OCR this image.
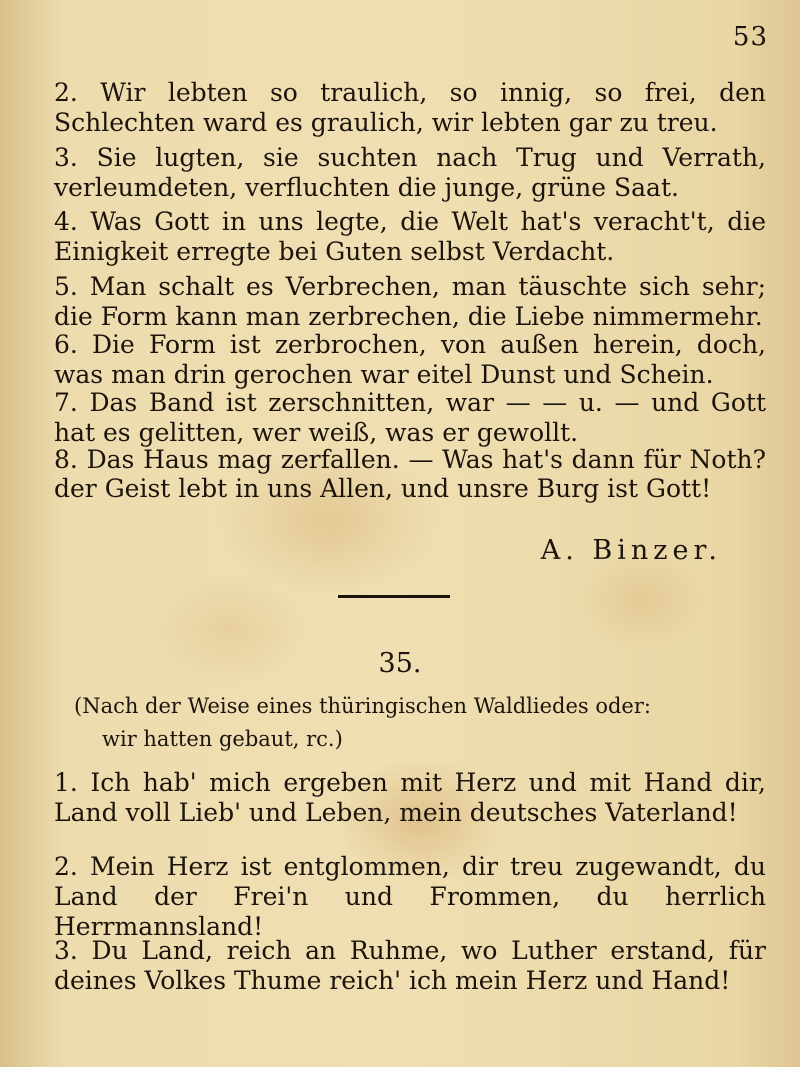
53
2. Wir lebten so traulich, so innig, so frei, den Schlechten ward es graulich, wir lebten gar zu treu.
3. Sie lugten, sie suchten nach Trug und Verrath, verleumdeten, verfluchten die junge, grüne Saat.
4. Was Gott in uns legte, die Welt hat's veracht't, die Einigkeit erregte bei Guten selbst Verdacht.
5. Man schalt es Verbrechen, man täuschte sich sehr; die Form kann man zerbrechen, die Liebe nimmermehr.
6. Die Form ist zerbrochen, von außen herein, doch, was man drin gerochen war eitel Dunst und Schein.
7. Das Band ist zerschnitten, war — — u. — und Gott hat es gelitten, wer weiß, was er gewollt.
8. Das Haus mag zerfallen. — Was hat's dann für Noth? der Geist lebt in uns Allen, und unsre Burg ist Gott!
A. Binzer.
35.
(Nach der Weise eines thüringischen Waldliedes oder:
wir hatten gebaut, rc.)
1. Ich hab' mich ergeben mit Herz und mit Hand dir, Land voll Lieb' und Leben, mein deutsches Vaterland!
2. Mein Herz ist entglommen, dir treu zugewandt, du Land der Frei'n und Frommen, du herrlich Herrmannsland!
3. Du Land, reich an Ruhme, wo Luther erstand, für deines Volkes Thume reich' ich mein Herz und Hand!
